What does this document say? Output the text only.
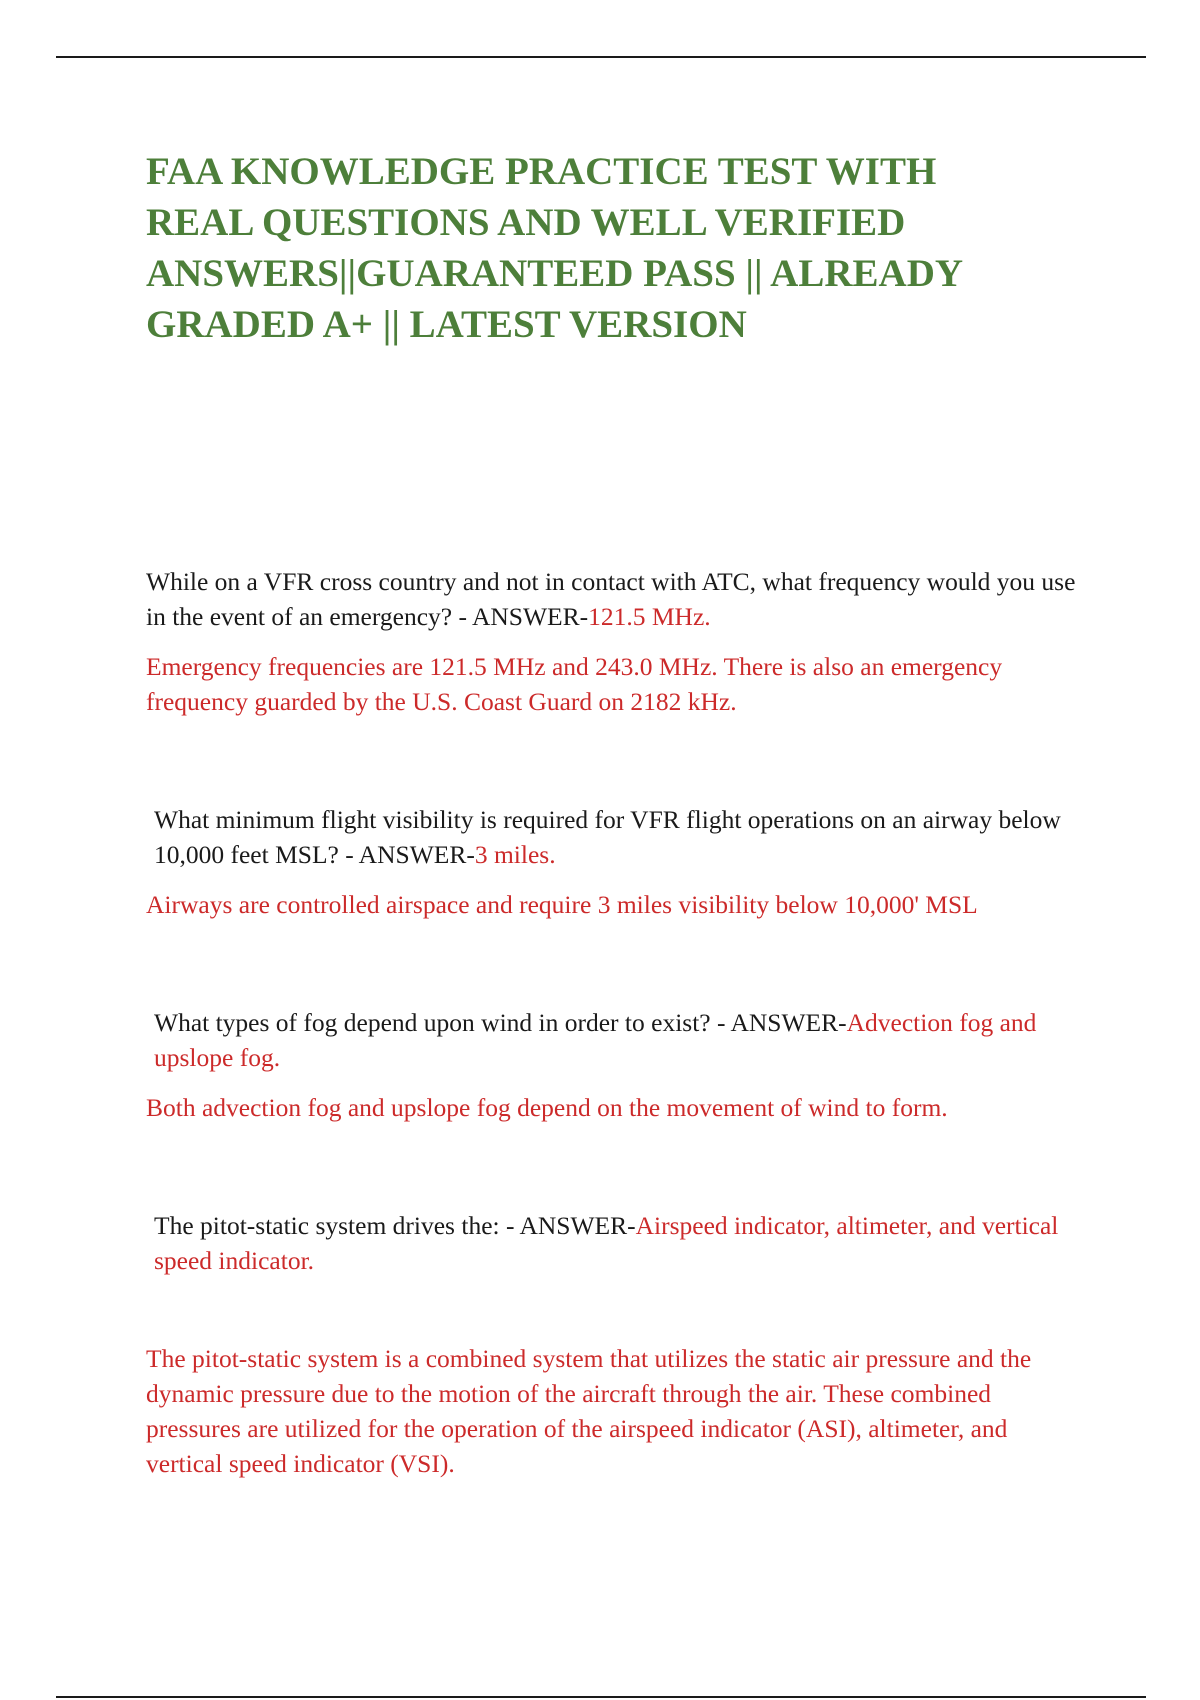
FAA KNOWLEDGE PRACTICE TEST WITH REAL QUESTIONS AND WELL VERIFIED ANSWERS||GUARANTEED PASS || ALREADY GRADED A+ || LATEST VERSION

While on a VFR cross country and not in contact with ATC, what frequency would you use in the event of an emergency? - ANSWER-121.5 MHz.

Emergency frequencies are 121.5 MHz and 243.0 MHz. There is also an emergency frequency guarded by the U.S. Coast Guard on 2182 kHz.

What minimum flight visibility is required for VFR flight operations on an airway below 10,000 feet MSL? - ANSWER-3 miles.

Airways are controlled airspace and require 3 miles visibility below 10,000' MSL

What types of fog depend upon wind in order to exist? - ANSWER-Advection fog and upslope fog.

Both advection fog and upslope fog depend on the movement of wind to form.

The pitot-static system drives the: - ANSWER-Airspeed indicator, altimeter, and vertical speed indicator.

The pitot-static system is a combined system that utilizes the static air pressure and the dynamic pressure due to the motion of the aircraft through the air. These combined pressures are utilized for the operation of the airspeed indicator (ASI), altimeter, and vertical speed indicator (VSI).
